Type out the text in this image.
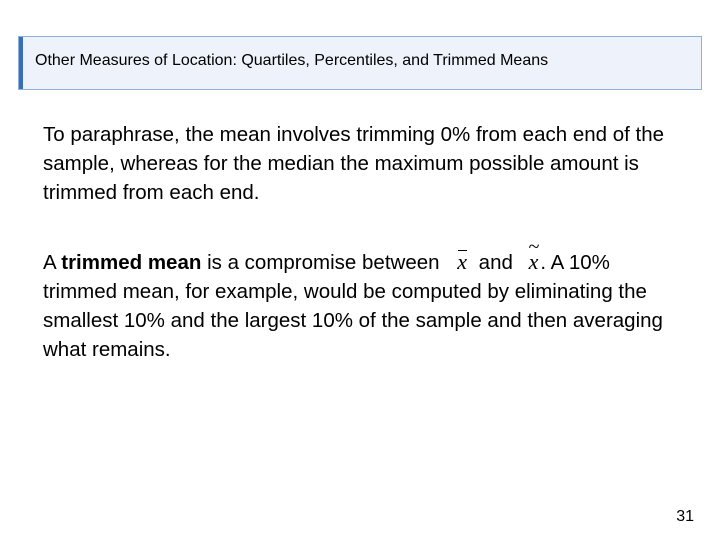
Other Measures of Location: Quartiles, Percentiles, and Trimmed Means

To paraphrase, the mean involves trimming 0% from each end of the sample, whereas for the median the maximum possible amount is trimmed from each end.

A trimmed mean is a compromise between x and ~ x. A 10% trimmed mean, for example, would be computed by eliminating the smallest 10% and the largest 10% of the sample and then averaging what remains.

31
